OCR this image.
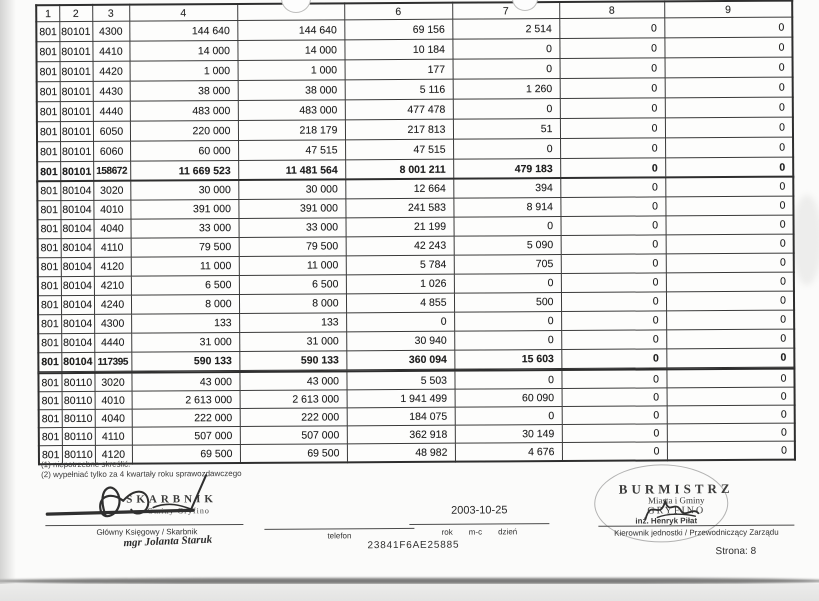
1	2	3	4		6	7	8	9
801	80101	4300	144 640	144 640	69 156	2 514	0	0
801	80101	4410	14 000	14 000	10 184	0	0	0
801	80101	4420	1 000	1 000	177	0	0	0
801	80101	4430	38 000	38 000	5 116	1 260	0	0
801	80101	4440	483 000	483 000	477 478	0	0	0
801	80101	6050	220 000	218 179	217 813	51	0	0
801	80101	6060	60 000	47 515	47 515	0	0	0
801	80101	158672	11 669 523	11 481 564	8 001 211	479 183	0	0
801	80104	3020	30 000	30 000	12 664	394	0	0
801	80104	4010	391 000	391 000	241 583	8 914	0	0
801	80104	4040	33 000	33 000	21 199	0	0	0
801	80104	4110	79 500	79 500	42 243	5 090	0	0
801	80104	4120	11 000	11 000	5 784	705	0	0
801	80104	4210	6 500	6 500	1 026	0	0	0
801	80104	4240	8 000	8 000	4 855	500	0	0
801	80104	4300	133	133	0	0	0	0
801	80104	4440	31 000	31 000	30 940	0	0	0
801	80104	117395	590 133	590 133	360 094	15 603	0	0
801	80110	3020	43 000	43 000	5 503	0	0	0
801	80110	4010	2 613 000	2 613 000	1 941 499	60 090	0	0
801	80110	4040	222 000	222 000	184 075	0	0	0
801	80110	4110	507 000	507 000	362 918	30 149	0	0
801	80110	4120	69 500	69 500	48 982	4 676	0	0
(1) niepotrzebne skreślić.
(2) wypełniać tylko za 4 kwartały roku sprawozdawczego
SKARBNIK
Gminy Gryfino
Główny Księgowy / Skarbnik
mgr Jolanta Staruk	telefon
2003-10-25
rok m-c dzień
23841F6AE25885
BURMISTRZ
Miasta i Gminy
GRYFINO
inż. Henryk Piłat
Kierownik jednostki / Przewodniczący Zarządu
Strona: 8
